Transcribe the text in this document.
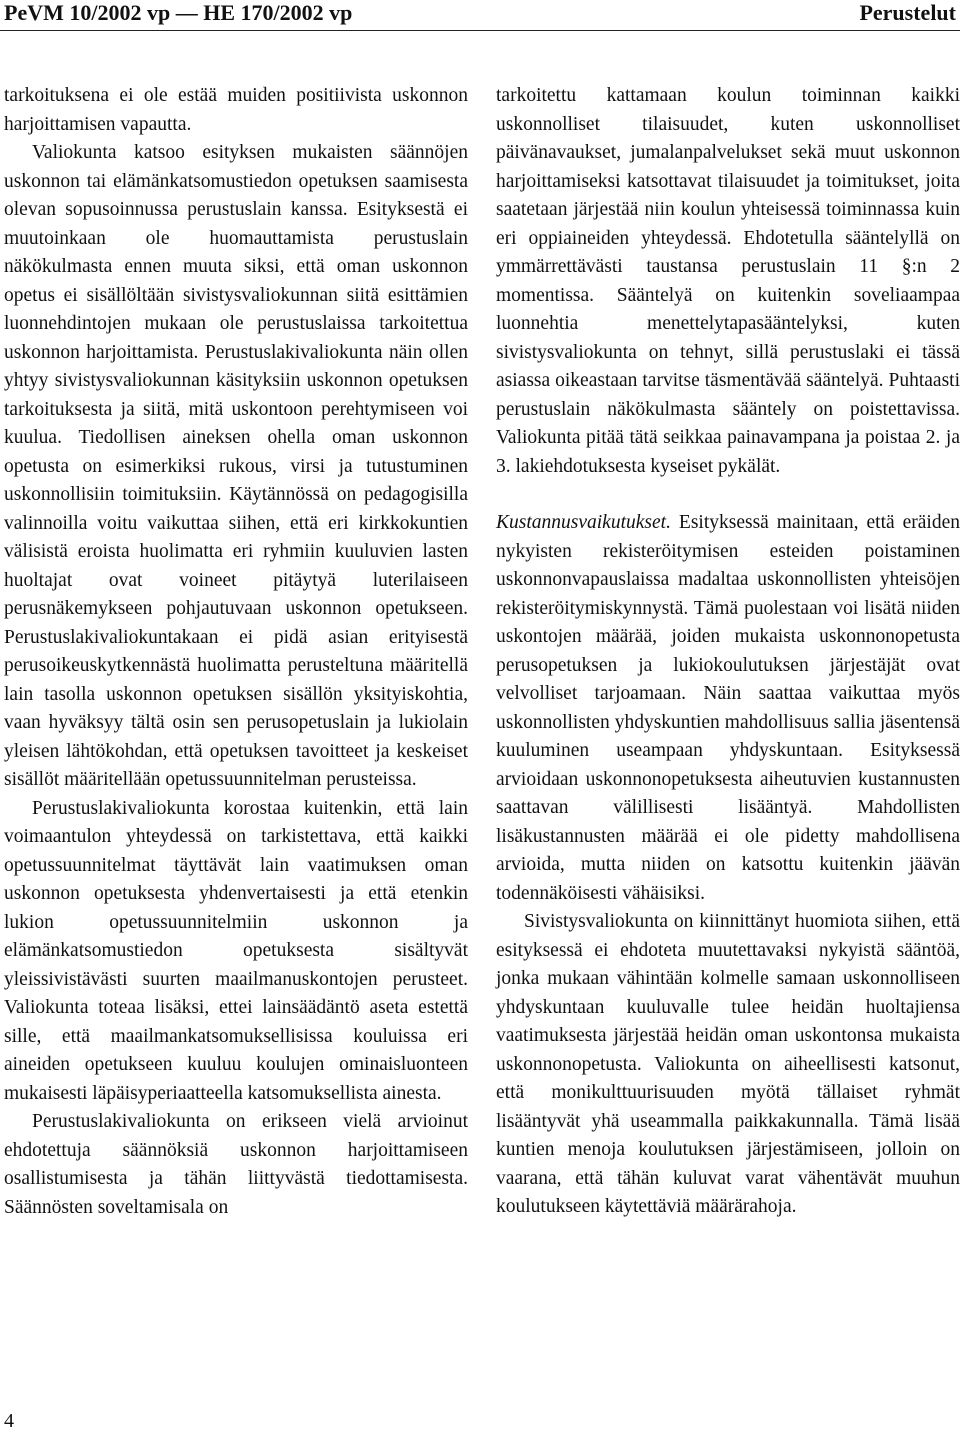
PeVM 10/2002 vp — HE 170/2002 vp	Perustelut

tarkoituksena ei ole estää muiden positiivista uskonnon harjoittamisen vapautta.

Valiokunta katsoo esityksen mukaisten säännöjen uskonnon tai elämänkatsomustiedon opetuksen saamisesta olevan sopusoinnussa perustuslain kanssa. Esityksestä ei muutoinkaan ole huomauttamista perustuslain näkökulmasta ennen muuta siksi, että oman uskonnon opetus ei sisällöltään sivistysvaliokunnan siitä esittämien luonnehdintojen mukaan ole perustuslaissa tarkoitettua uskonnon harjoittamista. Perustuslakivaliokunta näin ollen yhtyy sivistysvaliokunnan käsityksiin uskonnon opetuksen tarkoituksesta ja siitä, mitä uskontoon perehtymiseen voi kuulua. Tiedollisen aineksen ohella oman uskonnon opetusta on esimerkiksi rukous, virsi ja tutustuminen uskonnollisiin toimituksiin. Käytännössä on pedagogisilla valinnoilla voitu vaikuttaa siihen, että eri kirkkokuntien välisistä eroista huolimatta eri ryhmiin kuuluvien lasten huoltajat ovat voineet pitäytyä luterilaiseen perusnäkemykseen pohjautuvaan uskonnon opetukseen. Perustuslakivaliokuntakaan ei pidä asian erityisestä perusoikeuskytkennästä huolimatta perusteltuna määritellä lain tasolla uskonnon opetuksen sisällön yksityiskohtia, vaan hyväksyy tältä osin sen perusopetuslain ja lukiolain yleisen lähtökohdan, että opetuksen tavoitteet ja keskeiset sisällöt määritellään opetussuunnitelman perusteissa.

Perustuslakivaliokunta korostaa kuitenkin, että lain voimaantulon yhteydessä on tarkistettava, että kaikki opetussuunnitelmat täyttävät lain vaatimuksen oman uskonnon opetuksesta yhdenvertaisesti ja että etenkin lukion opetussuunnitelmiin uskonnon ja elämänkatsomustiedon opetuksesta sisältyvät yleissivistävästi suurten maailmanuskontojen perusteet. Valiokunta toteaa lisäksi, ettei lainsäädäntö aseta estettä sille, että maailmankatsomuksellisissa kouluissa eri aineiden opetukseen kuuluu koulujen ominaisluonteen mukaisesti läpäisyperiaatteella katsomuksellista ainesta.

Perustuslakivaliokunta on erikseen vielä arvioinut ehdotettuja säännöksiä uskonnon harjoittamiseen osallistumisesta ja tähän liittyvästä tiedottamisesta. Säännösten soveltamisala on

tarkoitettu kattamaan koulun toiminnan kaikki uskonnolliset tilaisuudet, kuten uskonnolliset päivänavaukset, jumalanpalvelukset sekä muut uskonnon harjoittamiseksi katsottavat tilaisuudet ja toimitukset, joita saatetaan järjestää niin koulun yhteisessä toiminnassa kuin eri oppiaineiden yhteydessä. Ehdotetulla sääntelyllä on ymmärrettävästi taustansa perustuslain 11 §:n 2 momentissa. Sääntelyä on kuitenkin soveliaampaa luonnehtia menettelytapasääntelyksi, kuten sivistysvaliokunta on tehnyt, sillä perustuslaki ei tässä asiassa oikeastaan tarvitse täsmentävää sääntelyä. Puhtaasti perustuslain näkökulmasta sääntely on poistettavissa. Valiokunta pitää tätä seikkaa painavampana ja poistaa 2. ja 3. lakiehdotuksesta kyseiset pykälät.

Kustannusvaikutukset. Esityksessä mainitaan, että eräiden nykyisten rekisteröitymisen esteiden poistaminen uskonnonvapauslaissa madaltaa uskonnollisten yhteisöjen rekisteröitymiskynnystä. Tämä puolestaan voi lisätä niiden uskontojen määrää, joiden mukaista uskonnonopetusta perusopetuksen ja lukiokoulutuksen järjestäjät ovat velvolliset tarjoamaan. Näin saattaa vaikuttaa myös uskonnollisten yhdyskuntien mahdollisuus sallia jäsentensä kuuluminen useampaan yhdyskuntaan. Esityksessä arvioidaan uskonnonopetuksesta aiheutuvien kustannusten saattavan välillisesti lisääntyä. Mahdollisten lisäkustannusten määrää ei ole pidetty mahdollisena arvioida, mutta niiden on katsottu kuitenkin jäävän todennäköisesti vähäisiksi.

Sivistysvaliokunta on kiinnittänyt huomiota siihen, että esityksessä ei ehdoteta muutettavaksi nykyistä sääntöä, jonka mukaan vähintään kolmelle samaan uskonnolliseen yhdyskuntaan kuuluvalle tulee heidän huoltajiensa vaatimuksesta järjestää heidän oman uskontonsa mukaista uskonnonopetusta. Valiokunta on aiheellisesti katsonut, että monikulttuurisuuden myötä tällaiset ryhmät lisääntyvät yhä useammalla paikkakunnalla. Tämä lisää kuntien menoja koulutuksen järjestämiseen, jolloin on vaarana, että tähän kuluvat varat vähentävät muuhun koulutukseen käytettäviä määrärahoja.

4
